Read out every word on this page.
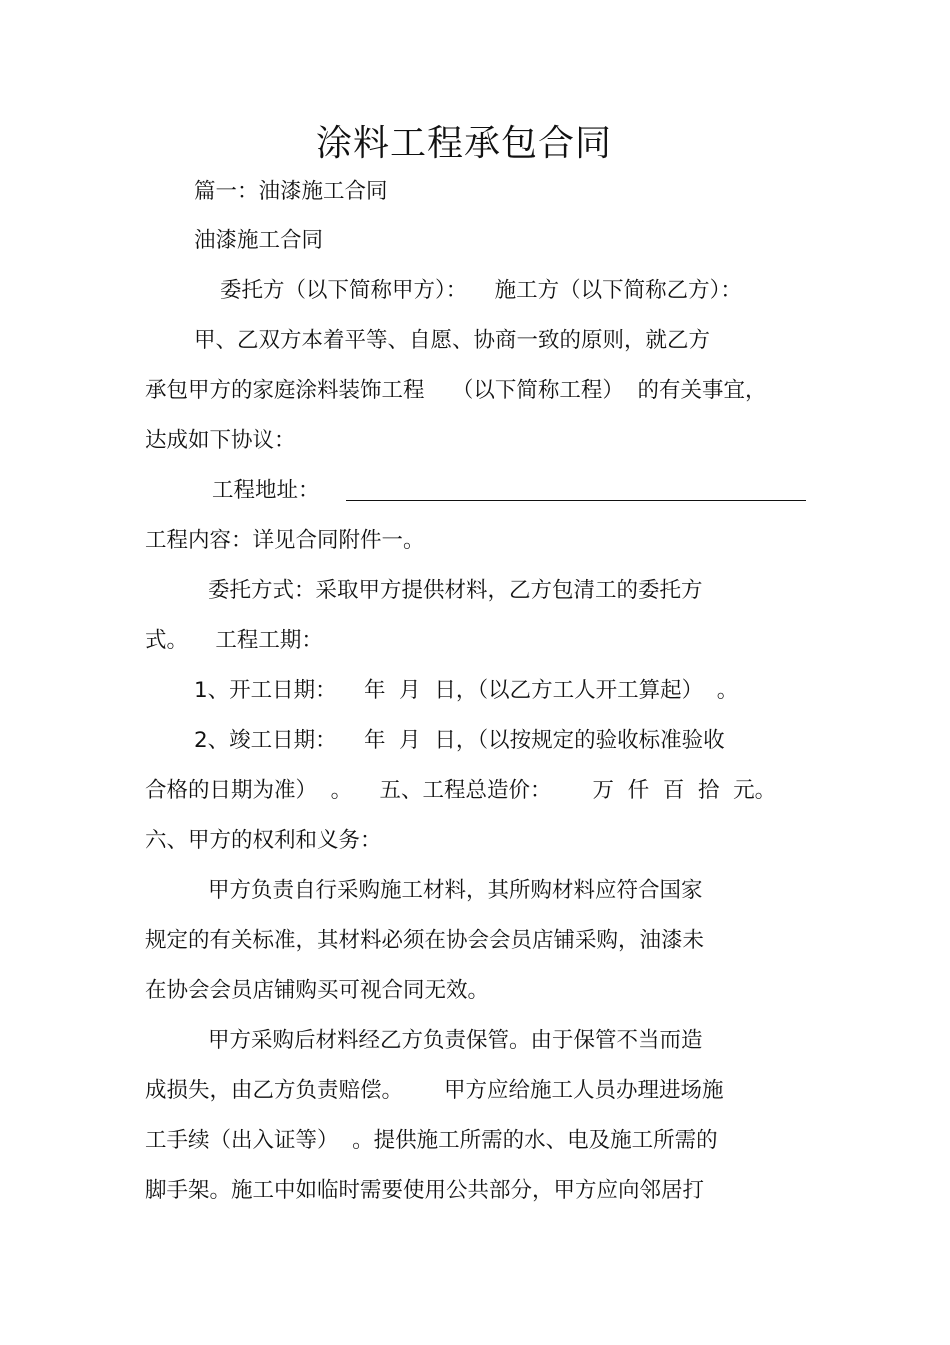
涂料工程承包合同
篇一：油漆施工合同
油漆施工合同
委托方（以下简称甲方）：    施工方（以下简称乙方）：
甲、乙双方本着平等、自愿、协商一致的原则，就乙方
承包甲方的家庭涂料装饰工程    （以下简称工程）  的有关事宜，
达成如下协议：
工程地址：
工程内容：详见合同附件一。
委托方式：采取甲方提供材料，乙方包清工的委托方
式。    工程工期：
1、开工日期：    年  月  日，（以乙方工人开工算起）  。
2、竣工日期：    年  月  日，（以按规定的验收标准验收
合格的日期为准）  。    五、工程总造价：      万  仟  百  拾  元。
六、甲方的权利和义务：
甲方负责自行采购施工材料，其所购材料应符合国家
规定的有关标准，其材料必须在协会会员店铺采购，油漆未
在协会会员店铺购买可视合同无效。
甲方采购后材料经乙方负责保管。由于保管不当而造
成损失，由乙方负责赔偿。      甲方应给施工人员办理进场施
工手续（出入证等）  。提供施工所需的水、电及施工所需的
脚手架。施工中如临时需要使用公共部分，甲方应向邻居打
